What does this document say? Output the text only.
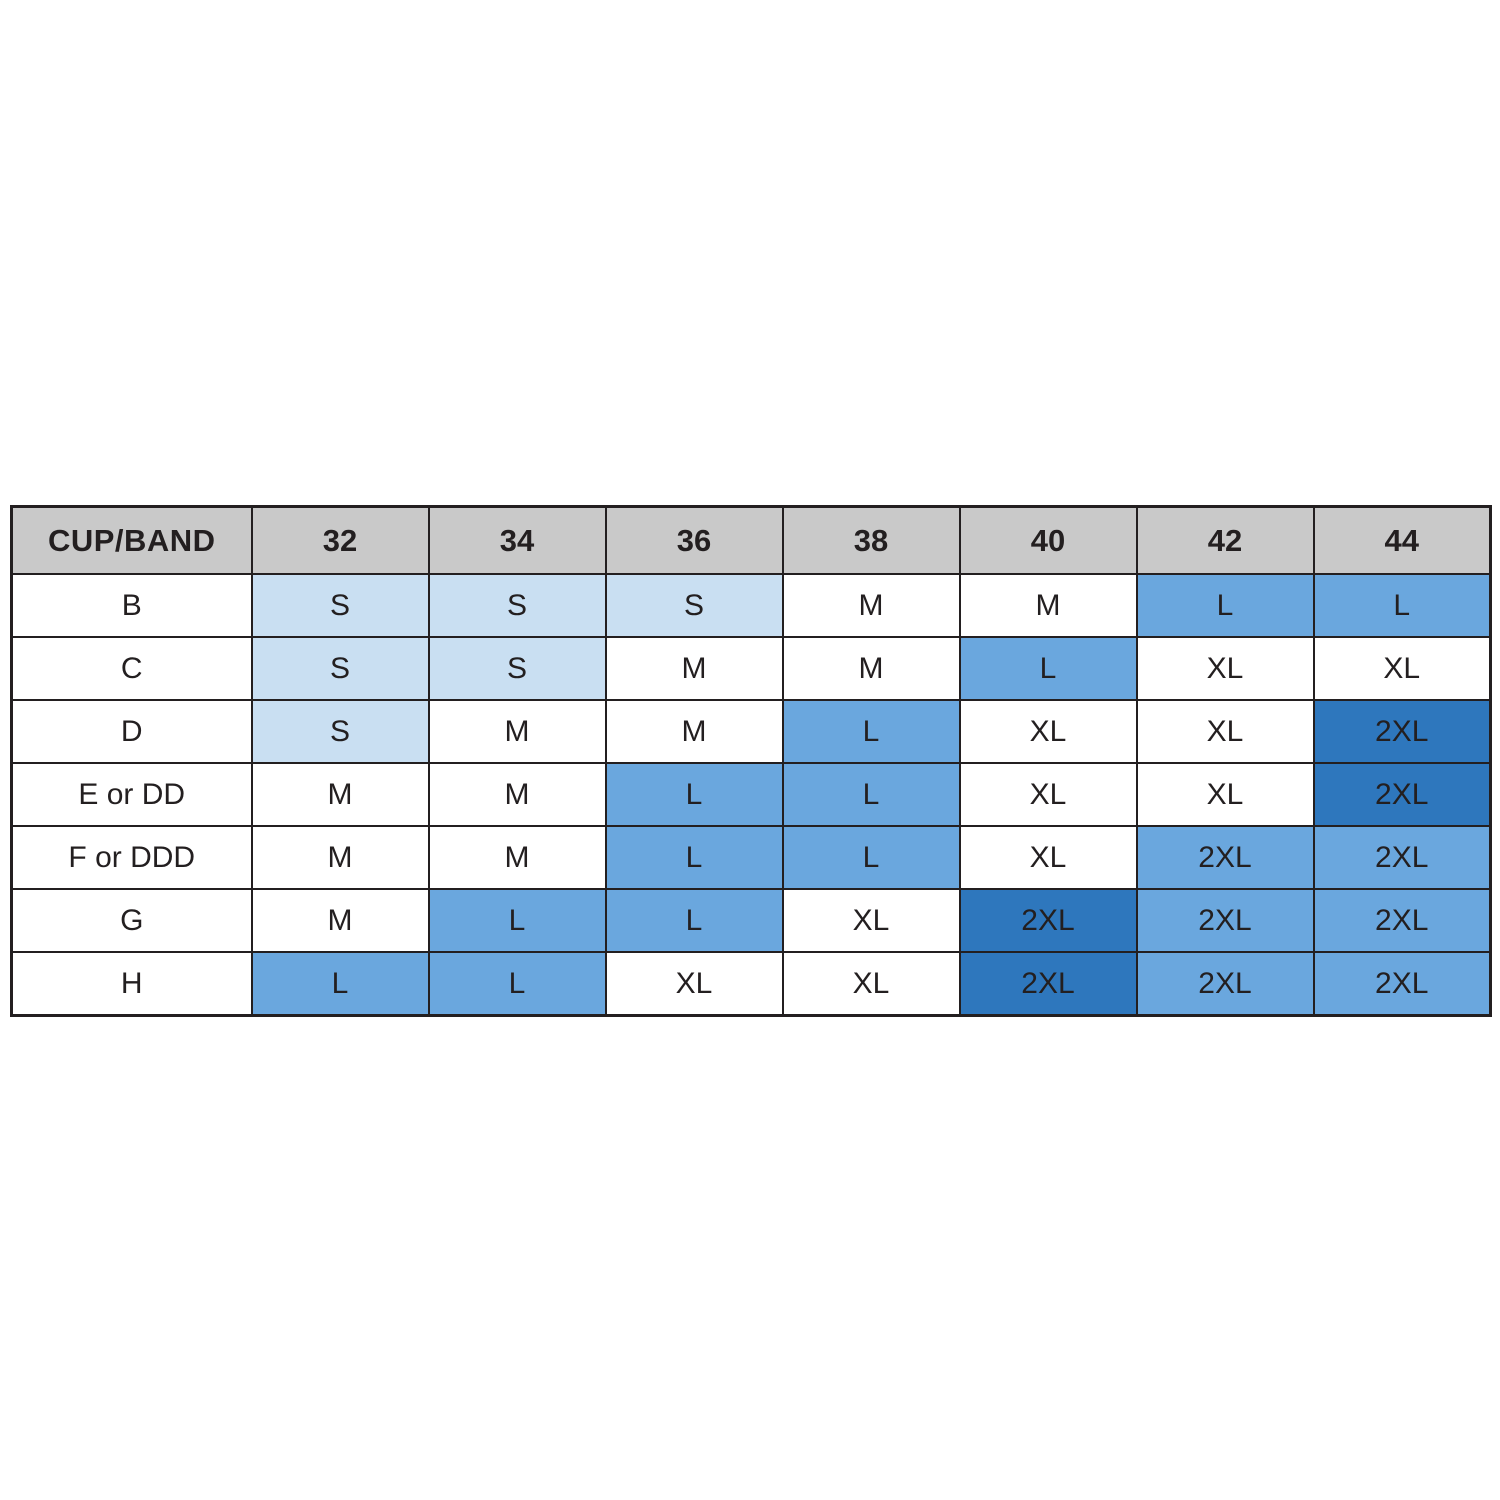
CUP/BAND	32	34	36	38	40	42	44
B	S	S	S	M	M	L	L
C	S	S	M	M	L	XL	XL
D	S	M	M	L	XL	XL	2XL
E or DD	M	M	L	L	XL	XL	2XL
F or DDD	M	M	L	L	XL	2XL	2XL
G	M	L	L	XL	2XL	2XL	2XL
H	L	L	XL	XL	2XL	2XL	2XL
